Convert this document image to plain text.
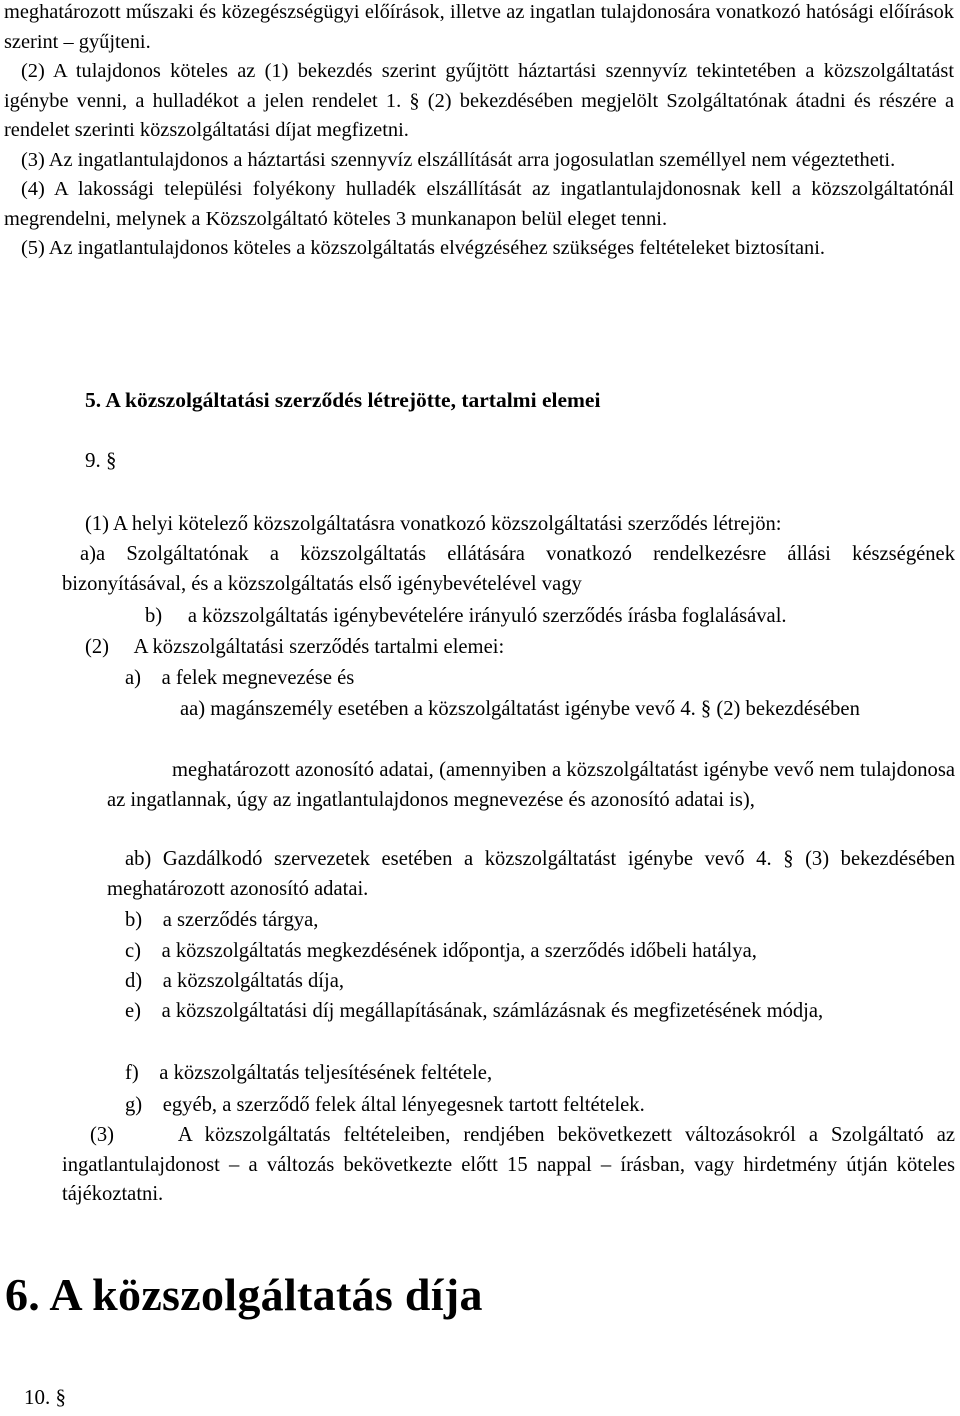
meghatározott műszaki és közegészségügyi előírások, illetve az ingatlan tulajdonosára vonatkozó hatósági előírások szerint – gyűjteni.

(2) A tulajdonos köteles az (1) bekezdés szerint gyűjtött háztartási szennyvíz tekintetében a közszolgáltatást igénybe venni, a hulladékot a jelen rendelet 1. § (2) bekezdésében megjelölt Szolgáltatónak átadni és részére a rendelet szerinti közszolgáltatási díjat megfizetni.

(3) Az ingatlantulajdonos a háztartási szennyvíz elszállítását arra jogosulatlan személlyel nem végeztetheti.

(4) A lakossági települési folyékony hulladék elszállítását az ingatlantulajdonosnak kell a közszolgáltatónál megrendelni, melynek a Közszolgáltató köteles 3 munkanapon belül eleget tenni.

(5) Az ingatlantulajdonos köteles a közszolgáltatás elvégzéséhez szükséges feltételeket biztosítani.

5. A közszolgáltatási szerződés létrejötte, tartalmi elemei
9. §
(1) A helyi kötelező közszolgáltatásra vonatkozó közszolgáltatási szerződés létrejön:
a)a Szolgáltatónak a közszolgáltatás ellátására vonatkozó rendelkezésre állási készségének bizonyításával, és a közszolgáltatás első igénybevételével vagy
b)     a közszolgáltatás igénybevételére irányuló szerződés írásba foglalásával.
(2)     A közszolgáltatási szerződés tartalmi elemei:
a)    a felek megnevezése és
aa) magánszemély esetében a közszolgáltatást igénybe vevő 4. § (2) bekezdésében
meghatározott azonosító adatai, (amennyiben a közszolgáltatást igénybe vevő nem tulajdonosa az ingatlannak, úgy az ingatlantulajdonos megnevezése és azonosító adatai is),
ab) Gazdálkodó szervezetek esetében a közszolgáltatást igénybe vevő 4. § (3) bekezdésében meghatározott azonosító adatai.
b)    a szerződés tárgya,
c)    a közszolgáltatás megkezdésének időpontja, a szerződés időbeli hatálya,
d)    a közszolgáltatás díja,
e)    a közszolgáltatási díj megállapításának, számlázásnak és megfizetésének módja,
f)    a közszolgáltatás teljesítésének feltétele,
g)    egyéb, a szerződő felek által lényegesnek tartott feltételek.
(3)     A közszolgáltatás feltételeiben, rendjében bekövetkezett változásokról a Szolgáltató az ingatlantulajdonost – a változás bekövetkezte előtt 15 nappal – írásban, vagy hirdetmény útján köteles tájékoztatni.
6. A közszolgáltatás díja
10. §
